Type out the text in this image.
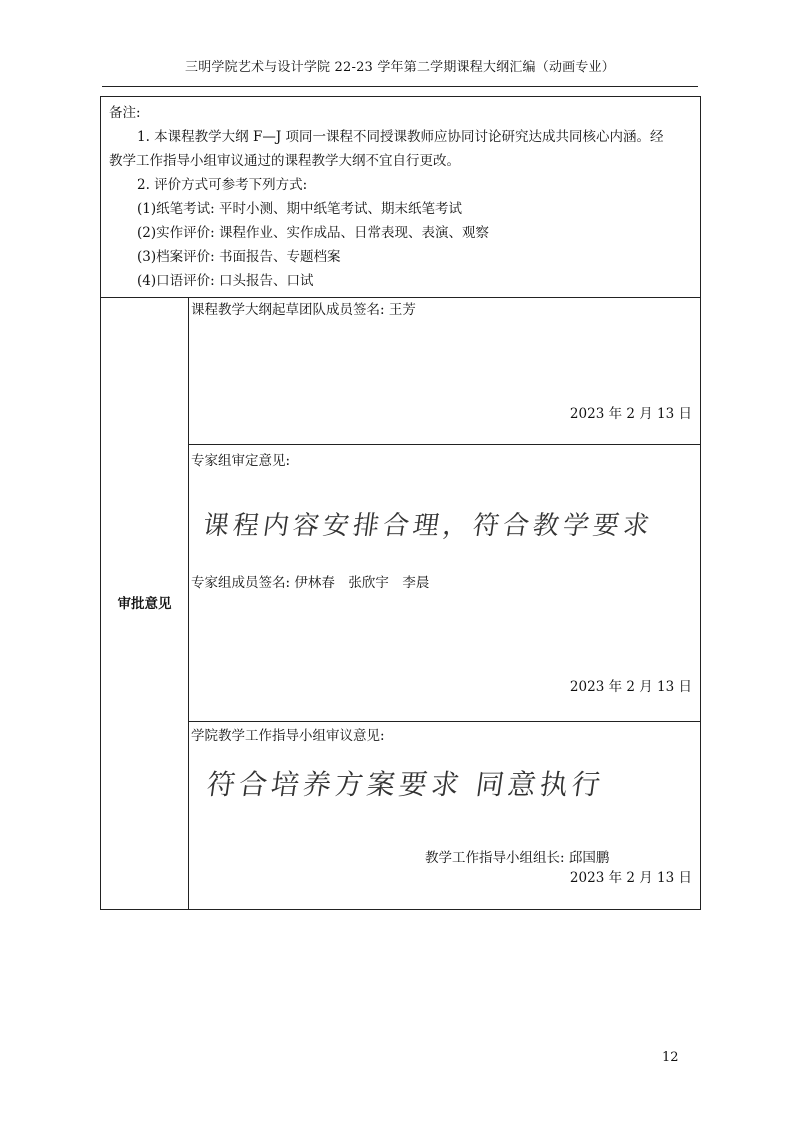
三明学院艺术与设计学院 22-23 学年第二学期课程大纲汇编（动画专业）

备注:

1. 本课程教学大纲 F—J 项同一课程不同授课教师应协同讨论研究达成共同核心内涵。经

教学工作指导小组审议通过的课程教学大纲不宜自行更改。

2. 评价方式可参考下列方式:

(1)纸笔考试: 平时小测、期中纸笔考试、期末纸笔考试

(2)实作评价: 课程作业、实作成品、日常表现、表演、观察

(3)档案评价: 书面报告、专题档案

(4)口语评价: 口头报告、口试

审批意见	
课程教学大纲起草团队成员签名: 王芳
2023 年 2 月 13 日

专家组审定意见:
课程内容安排合理，符合教学要求
专家组成员签名: 伊林春　张欣宇　李晨
2023 年 2 月 13 日

学院教学工作指导小组审议意见:
符合培养方案要求 同意执行
教学工作指导小组组长: 邱国鹏
2023 年 2 月 13 日
12
